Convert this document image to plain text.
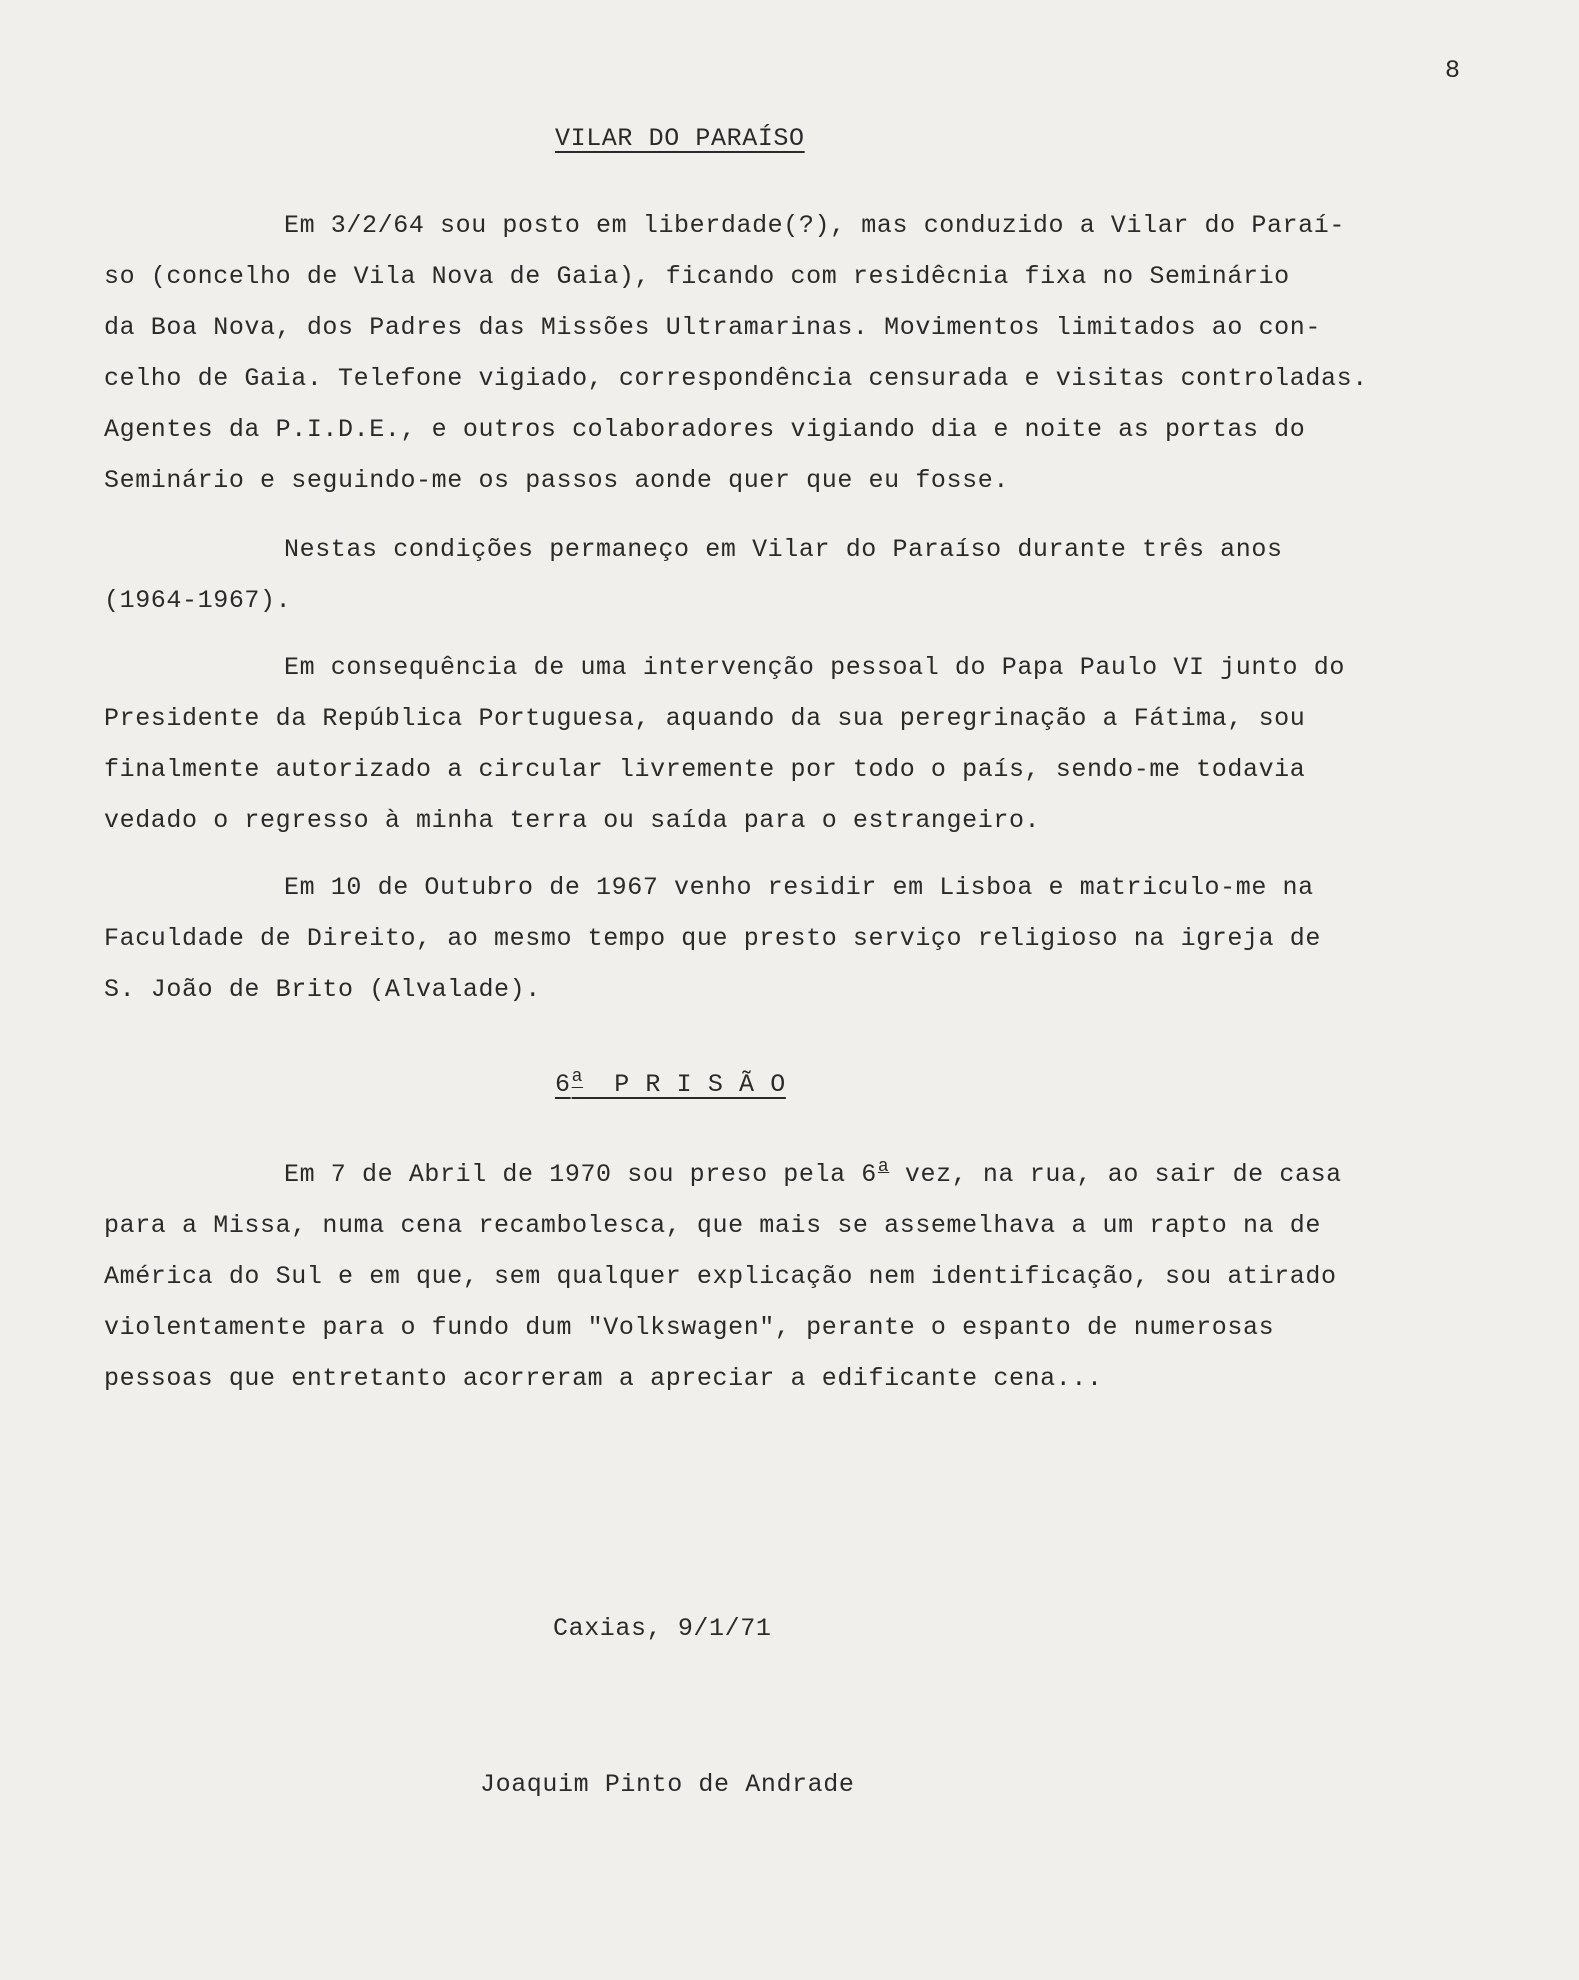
8
VILAR DO PARAÍSO

Em 3/2/64 sou posto em liberdade(?), mas conduzido a Vilar do Paraí-
so (concelho de Vila Nova de Gaia), ficando com residêcnia fixa no Seminário
da Boa Nova, dos Padres das Missões Ultramarinas. Movimentos limitados ao con-
celho de Gaia. Telefone vigiado, correspondência censurada e visitas controladas.
Agentes da P.I.D.E., e outros colaboradores vigiando dia e noite as portas do
Seminário e seguindo-me os passos aonde quer que eu fosse.

Nestas condições permaneço em Vilar do Paraíso durante três anos
(1964-1967).

Em consequência de uma intervenção pessoal do Papa Paulo VI junto do
Presidente da República Portuguesa, aquando da sua peregrinação a Fátima, sou
finalmente autorizado a circular livremente por todo o país, sendo-me todavia
vedado o regresso à minha terra ou saída para o estrangeiro.

Em 10 de Outubro de 1967 venho residir em Lisboa e matriculo-me na
Faculdade de Direito, ao mesmo tempo que presto serviço religioso na igreja de
S. João de Brito (Alvalade).

6$^a$  P R I S Ã O

Em 7 de Abril de 1970 sou preso pela 6$^a$ vez, na rua, ao sair de casa
para a Missa, numa cena recambolesca, que mais se assemelhava a um rapto na de
América do Sul e em que, sem qualquer explicação nem identificação, sou atirado
violentamente para o fundo dum "Volkswagen", perante o espanto de numerosas
pessoas que entretanto acorreram a apreciar a edificante cena...

Caxias, 9/1/71
Joaquim Pinto de Andrade
